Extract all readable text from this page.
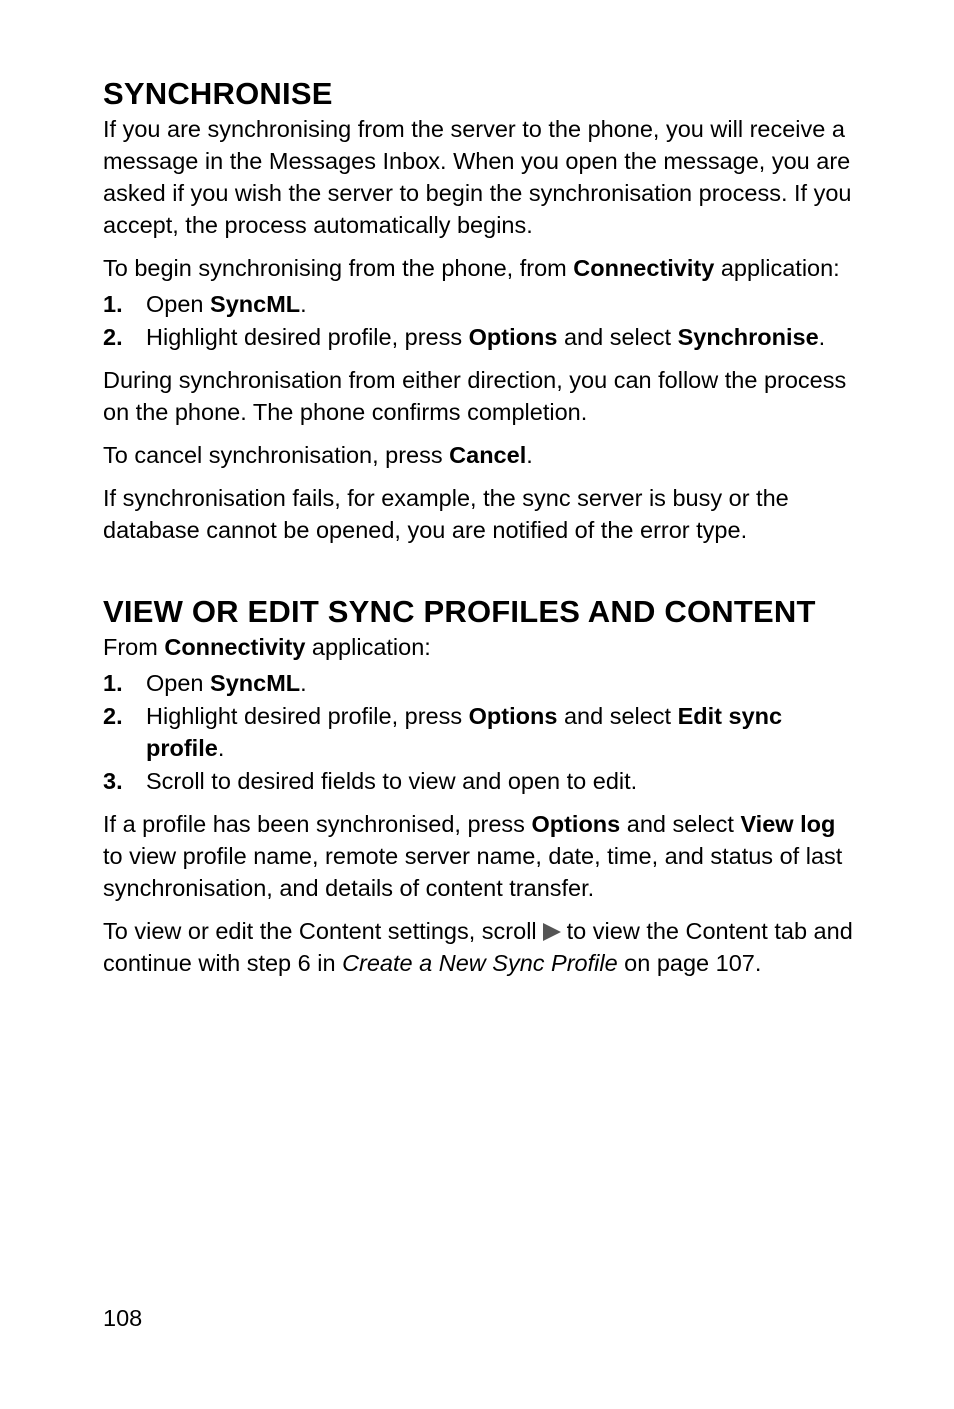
SYNCHRONISE

If you are synchronising from the server to the phone, you will receive a message in the Messages Inbox. When you open the message, you are asked if you wish the server to begin the synchronisation process. If you accept, the process automatically begins.

To begin synchronising from the phone, from Connectivity application:

1. Open SyncML.
2. Highlight desired profile, press Options and select Synchronise.

During synchronisation from either direction, you can follow the process on the phone. The phone confirms completion.

To cancel synchronisation, press Cancel.

If synchronisation fails, for example, the sync server is busy or the database cannot be opened, you are notified of the error type.

VIEW OR EDIT SYNC PROFILES AND CONTENT

From Connectivity application:

1. Open SyncML.
2. Highlight desired profile, press Options and select Edit sync profile.
3. Scroll to desired fields to view and open to edit.

If a profile has been synchronised, press Options and select View log to view profile name, remote server name, date, time, and status of last synchronisation, and details of content transfer.

To view or edit the Content settings, scroll to view the Content tab and continue with step 6 in Create a New Sync Profile on page 107.

108
